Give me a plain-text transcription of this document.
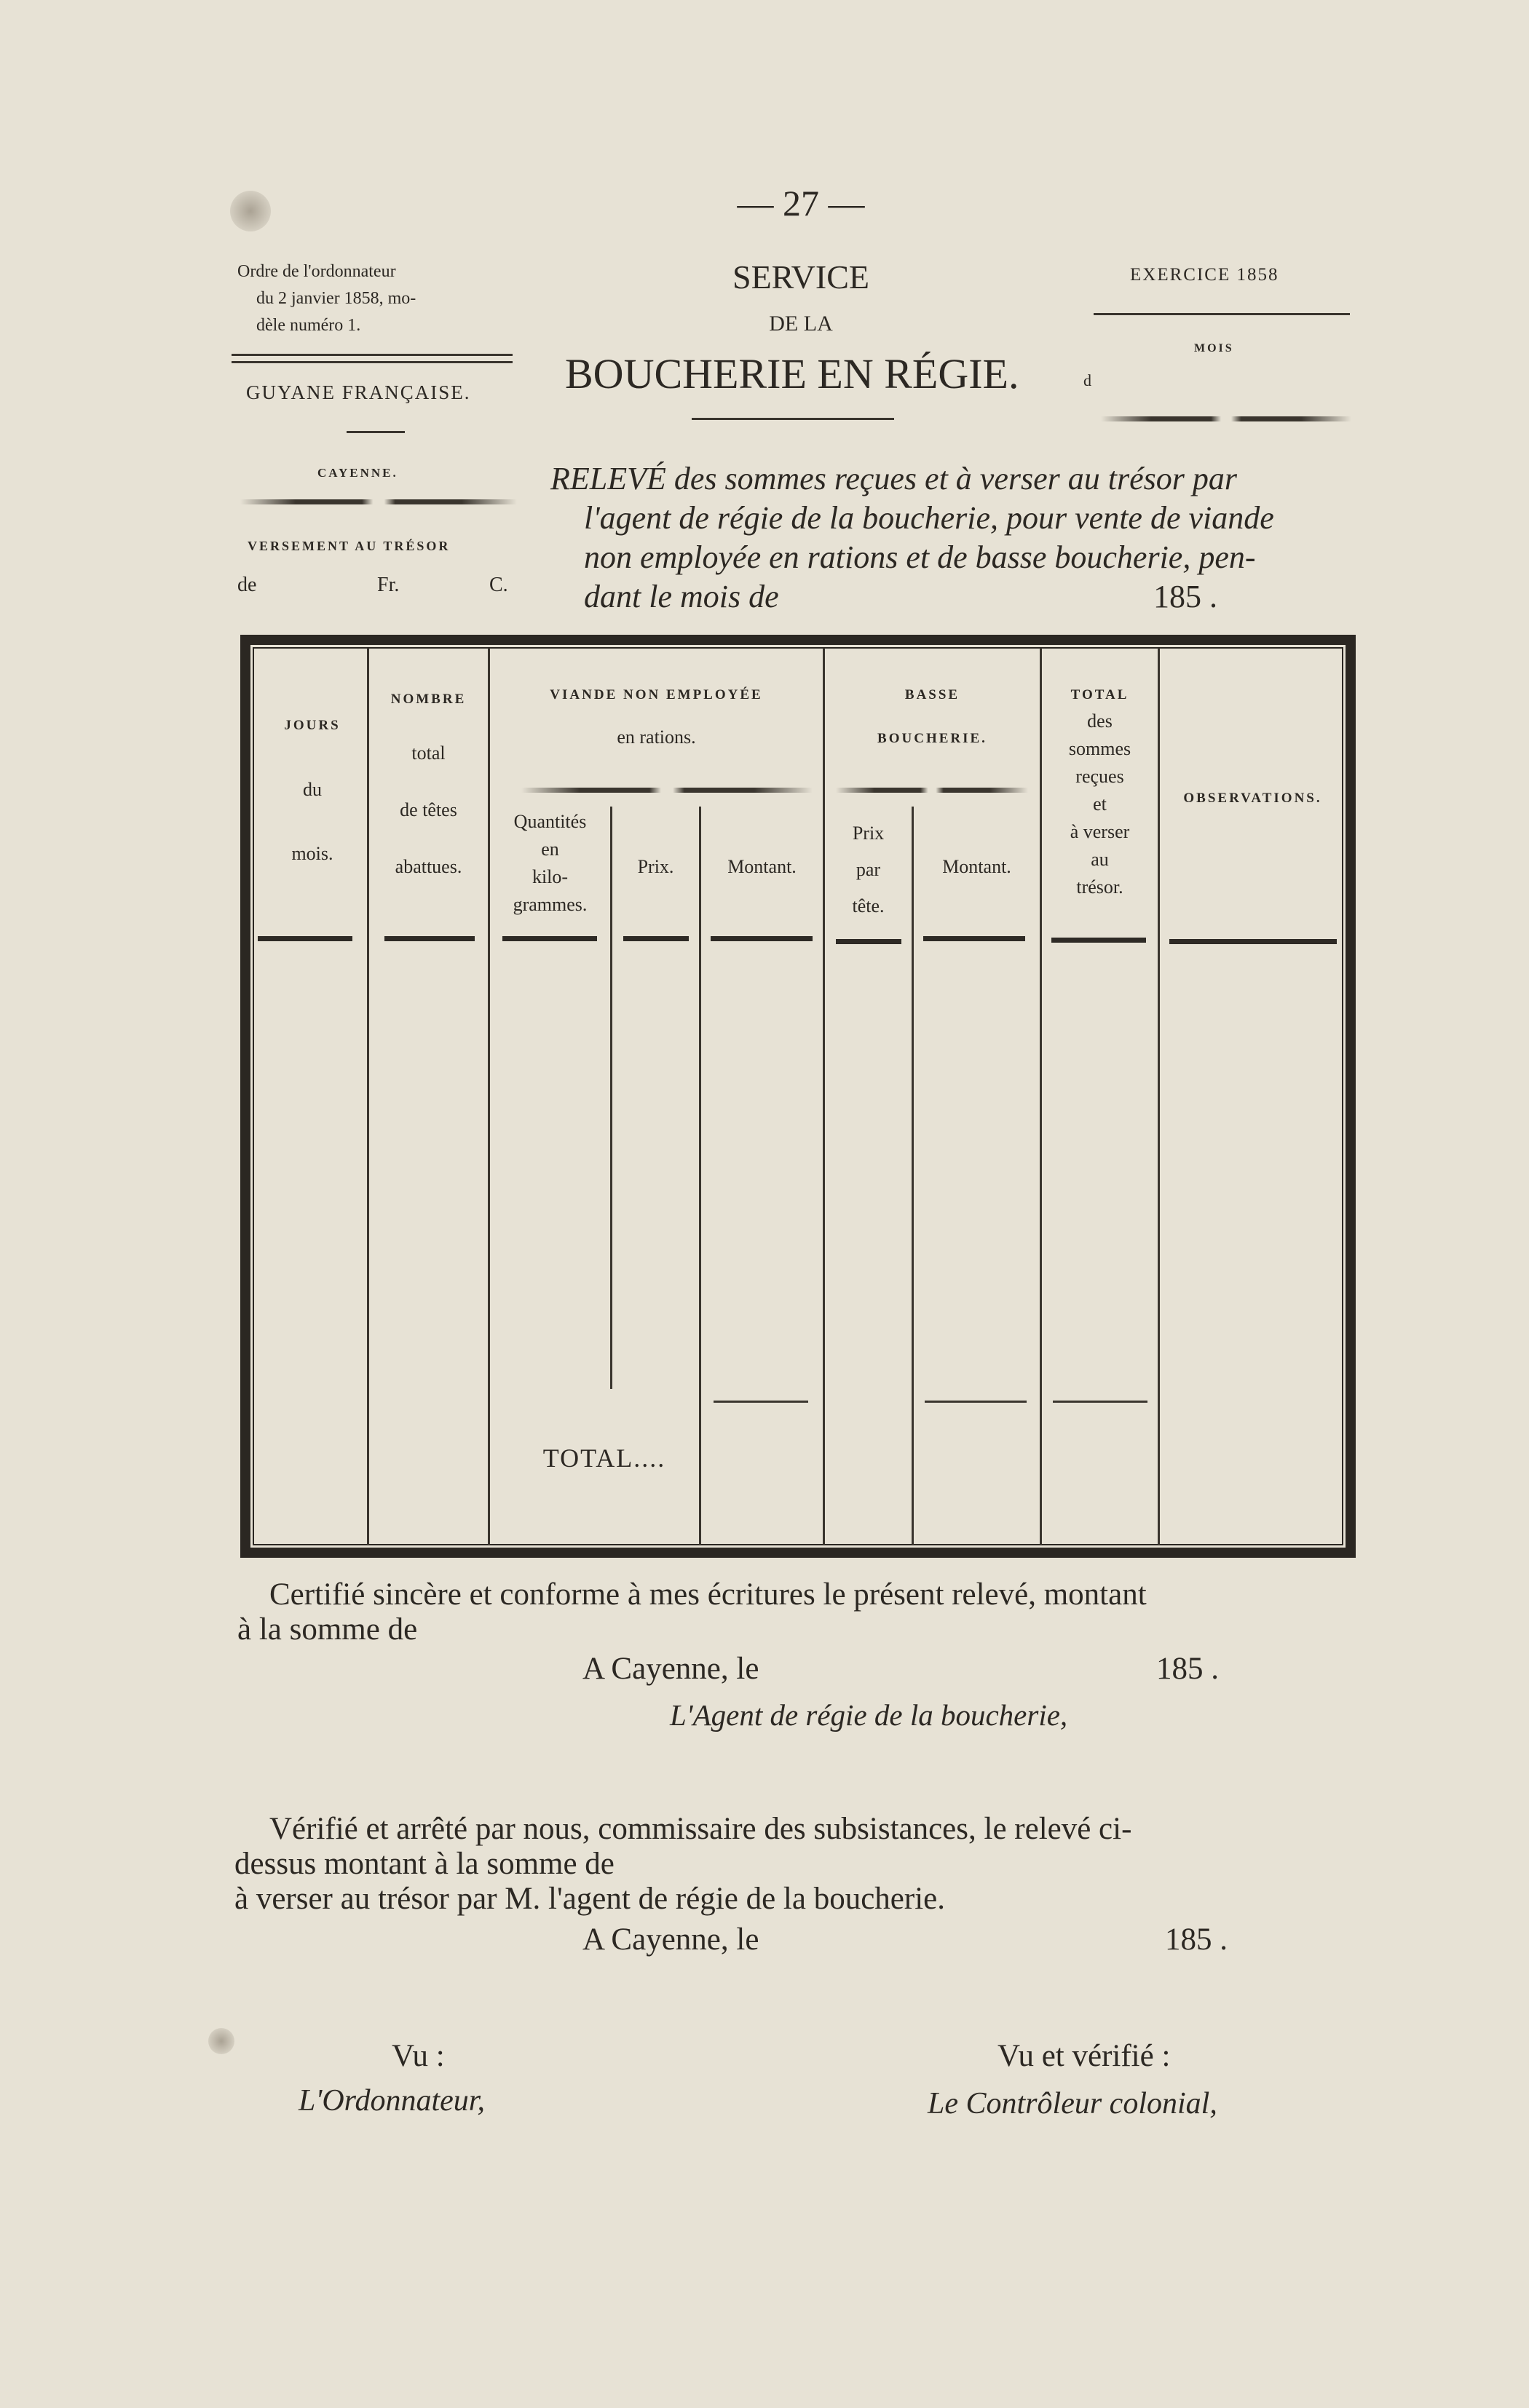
— 27 —
Ordre de l'ordonnateur
du 2 janvier 1858, mo-
dèle numéro 1.
GUYANE FRANÇAISE.
CAYENNE.
VERSEMENT AU TRÉSOR
de	Fr.	C.
SERVICE
DE LA
BOUCHERIE EN RÉGIE.	d
EXERCICE 1858
MOIS
RELEVÉ des sommes reçues et à verser au trésor par
l'agent de régie de la boucherie, pour vente de viande
non employée en rations et de basse boucherie, pen-
dant le mois de	185 .
JOURS
du
mois.
NOMBRE
total
de têtes
abattues.
VIANDE NON EMPLOYÉE
en rations.
Quantités
en
kilo-
grammes.
Prix.	Montant.
BASSE
BOUCHERIE.
Prix
par
tête.
Montant.
TOTAL
des
sommes
reçues
et
à verser
au
trésor.
OBSERVATIONS.
TOTAL....
Certifié sincère et conforme à mes écritures le présent relevé, montant
à la somme de
A Cayenne, le	185 .
L'Agent de régie de la boucherie,
Vérifié et arrêté par nous, commissaire des subsistances, le relevé ci-
dessus montant à la somme de
à verser au trésor par M. l'agent de régie de la boucherie.
A Cayenne, le	185 .
Vu :
L'Ordonnateur,
Vu et vérifié :
Le Contrôleur colonial,
